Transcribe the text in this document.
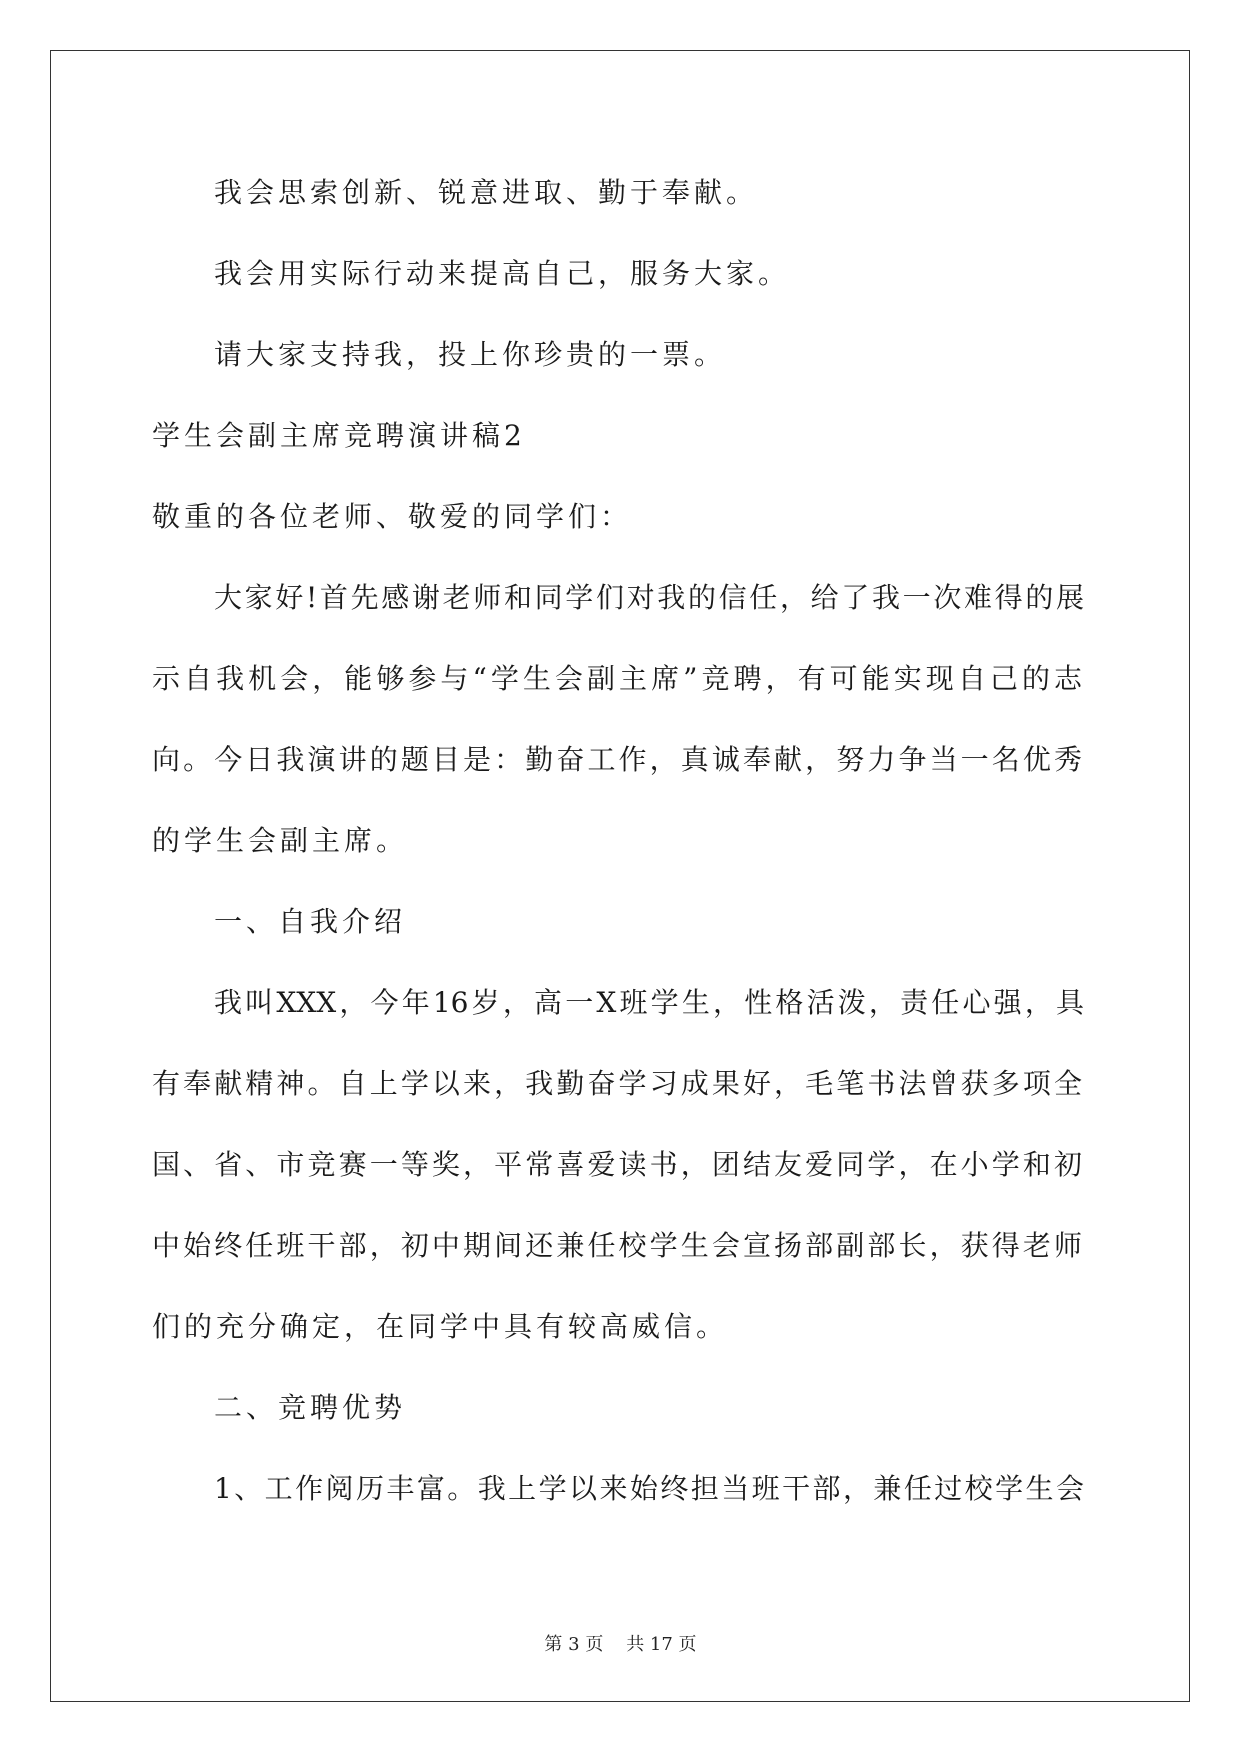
我会思索创新、锐意进取、勤于奉献。
我会用实际行动来提高自己，服务大家。
请大家支持我，投上你珍贵的一票。
学生会副主席竞聘演讲稿2
敬重的各位老师、敬爱的同学们：
大家好!首先感谢老师和同学们对我的信任，给了我一次难得的展
示自我机会，能够参与“学生会副主席”竞聘，有可能实现自己的志
向。今日我演讲的题目是：勤奋工作，真诚奉献，努力争当一名优秀
的学生会副主席。
一、自我介绍
我叫XXX，今年16岁，高一X班学生，性格活泼，责任心强，具
有奉献精神。自上学以来，我勤奋学习成果好，毛笔书法曾获多项全
国、省、市竞赛一等奖，平常喜爱读书，团结友爱同学，在小学和初
中始终任班干部，初中期间还兼任校学生会宣扬部副部长，获得老师
们的充分确定，在同学中具有较高威信。
二、竞聘优势
1、工作阅历丰富。我上学以来始终担当班干部，兼任过校学生会
第 3 页    共 17 页
